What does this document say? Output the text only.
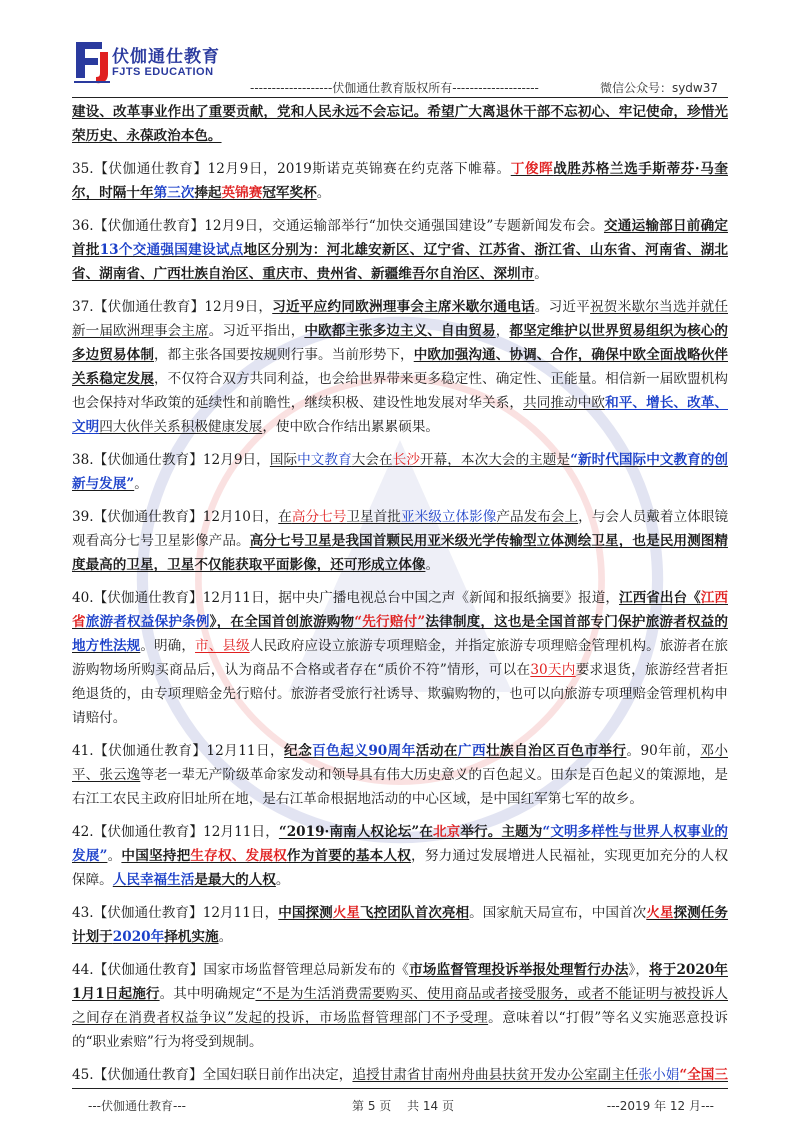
伏伽通仕教育
FJTS EDUCATION
-------------------伏伽通仕教育版权所有--------------------	微信公众号：sydw37

建设、改革事业作出了重要贡献，党和人民永远不会忘记。希望广大离退休干部不忘初心、牢记使命，珍惜光荣历史、永葆政治本色。

35.【伏伽通仕教育】12月9日，2019斯诺克英锦赛在约克落下帷幕。丁俊晖战胜苏格兰选手斯蒂芬·马奎尔，时隔十年第三次捧起英锦赛冠军奖杯。

36.【伏伽通仕教育】12月9日，交通运输部举行“加快交通强国建设”专题新闻发布会。交通运输部日前确定首批13个交通强国建设试点地区分别为：河北雄安新区、辽宁省、江苏省、浙江省、山东省、河南省、湖北省、湖南省、广西壮族自治区、重庆市、贵州省、新疆维吾尔自治区、深圳市。

37.【伏伽通仕教育】12月9日，习近平应约同欧洲理事会主席米歇尔通电话。习近平祝贺米歇尔当选并就任新一届欧洲理事会主席。习近平指出，中欧都主张多边主义、自由贸易，都坚定维护以世界贸易组织为核心的多边贸易体制，都主张各国要按规则行事。当前形势下，中欧加强沟通、协调、合作，确保中欧全面战略伙伴关系稳定发展，不仅符合双方共同利益，也会给世界带来更多稳定性、确定性、正能量。相信新一届欧盟机构也会保持对华政策的延续性和前瞻性，继续积极、建设性地发展对华关系，共同推动中欧和平、增长、改革、文明四大伙伴关系积极健康发展，使中欧合作结出累累硕果。

38.【伏伽通仕教育】12月9日，国际中文教育大会在长沙开幕，本次大会的主题是“新时代国际中文教育的创新与发展”。

39.【伏伽通仕教育】12月10日，在高分七号卫星首批亚米级立体影像产品发布会上，与会人员戴着立体眼镜观看高分七号卫星影像产品。高分七号卫星是我国首颗民用亚米级光学传输型立体测绘卫星，也是民用测图精度最高的卫星，卫星不仅能获取平面影像，还可形成立体像。

40.【伏伽通仕教育】12月11日，据中央广播电视总台中国之声《新闻和报纸摘要》报道，江西省出台《江西省旅游者权益保护条例》，在全国首创旅游购物“先行赔付”法律制度，这也是全国首部专门保护旅游者权益的地方性法规。明确，市、县级人民政府应设立旅游专项理赔金，并指定旅游专项理赔金管理机构。旅游者在旅游购物场所购买商品后，认为商品不合格或者存在“质价不符”情形，可以在30天内要求退货，旅游经营者拒绝退货的，由专项理赔金先行赔付。旅游者受旅行社诱导、欺骗购物的，也可以向旅游专项理赔金管理机构申请赔付。

41.【伏伽通仕教育】12月11日，纪念百色起义90周年活动在广西壮族自治区百色市举行。90年前，邓小平、张云逸等老一辈无产阶级革命家发动和领导具有伟大历史意义的百色起义。田东是百色起义的策源地，是右江工农民主政府旧址所在地，是右江革命根据地活动的中心区域，是中国红军第七军的故乡。

42.【伏伽通仕教育】12月11日，“2019·南南人权论坛”在北京举行。主题为“文明多样性与世界人权事业的发展”。中国坚持把生存权、发展权作为首要的基本人权，努力通过发展增进人民福祉，实现更加充分的人权保障。人民幸福生活是最大的人权。

43.【伏伽通仕教育】12月11日，中国探测火星飞控团队首次亮相。国家航天局宣布，中国首次火星探测任务计划于2020年择机实施。

44.【伏伽通仕教育】国家市场监督管理总局新发布的《市场监督管理投诉举报处理暂行办法》，将于2020年1月1日起施行。其中明确规定“不是为生活消费需要购买、使用商品或者接受服务，或者不能证明与被投诉人之间存在消费者权益争议”发起的投诉，市场监督管理部门不予受理。意味着以“打假”等名义实施恶意投诉的“职业索赔”行为将受到规制。

45.【伏伽通仕教育】全国妇联日前作出决定，追授甘肃省甘南州舟曲县扶贫开发办公室副主任张小娟“全国三

---伏伽通仕教育---	第 5 页　 共 14 页	---2019 年 12 月---
